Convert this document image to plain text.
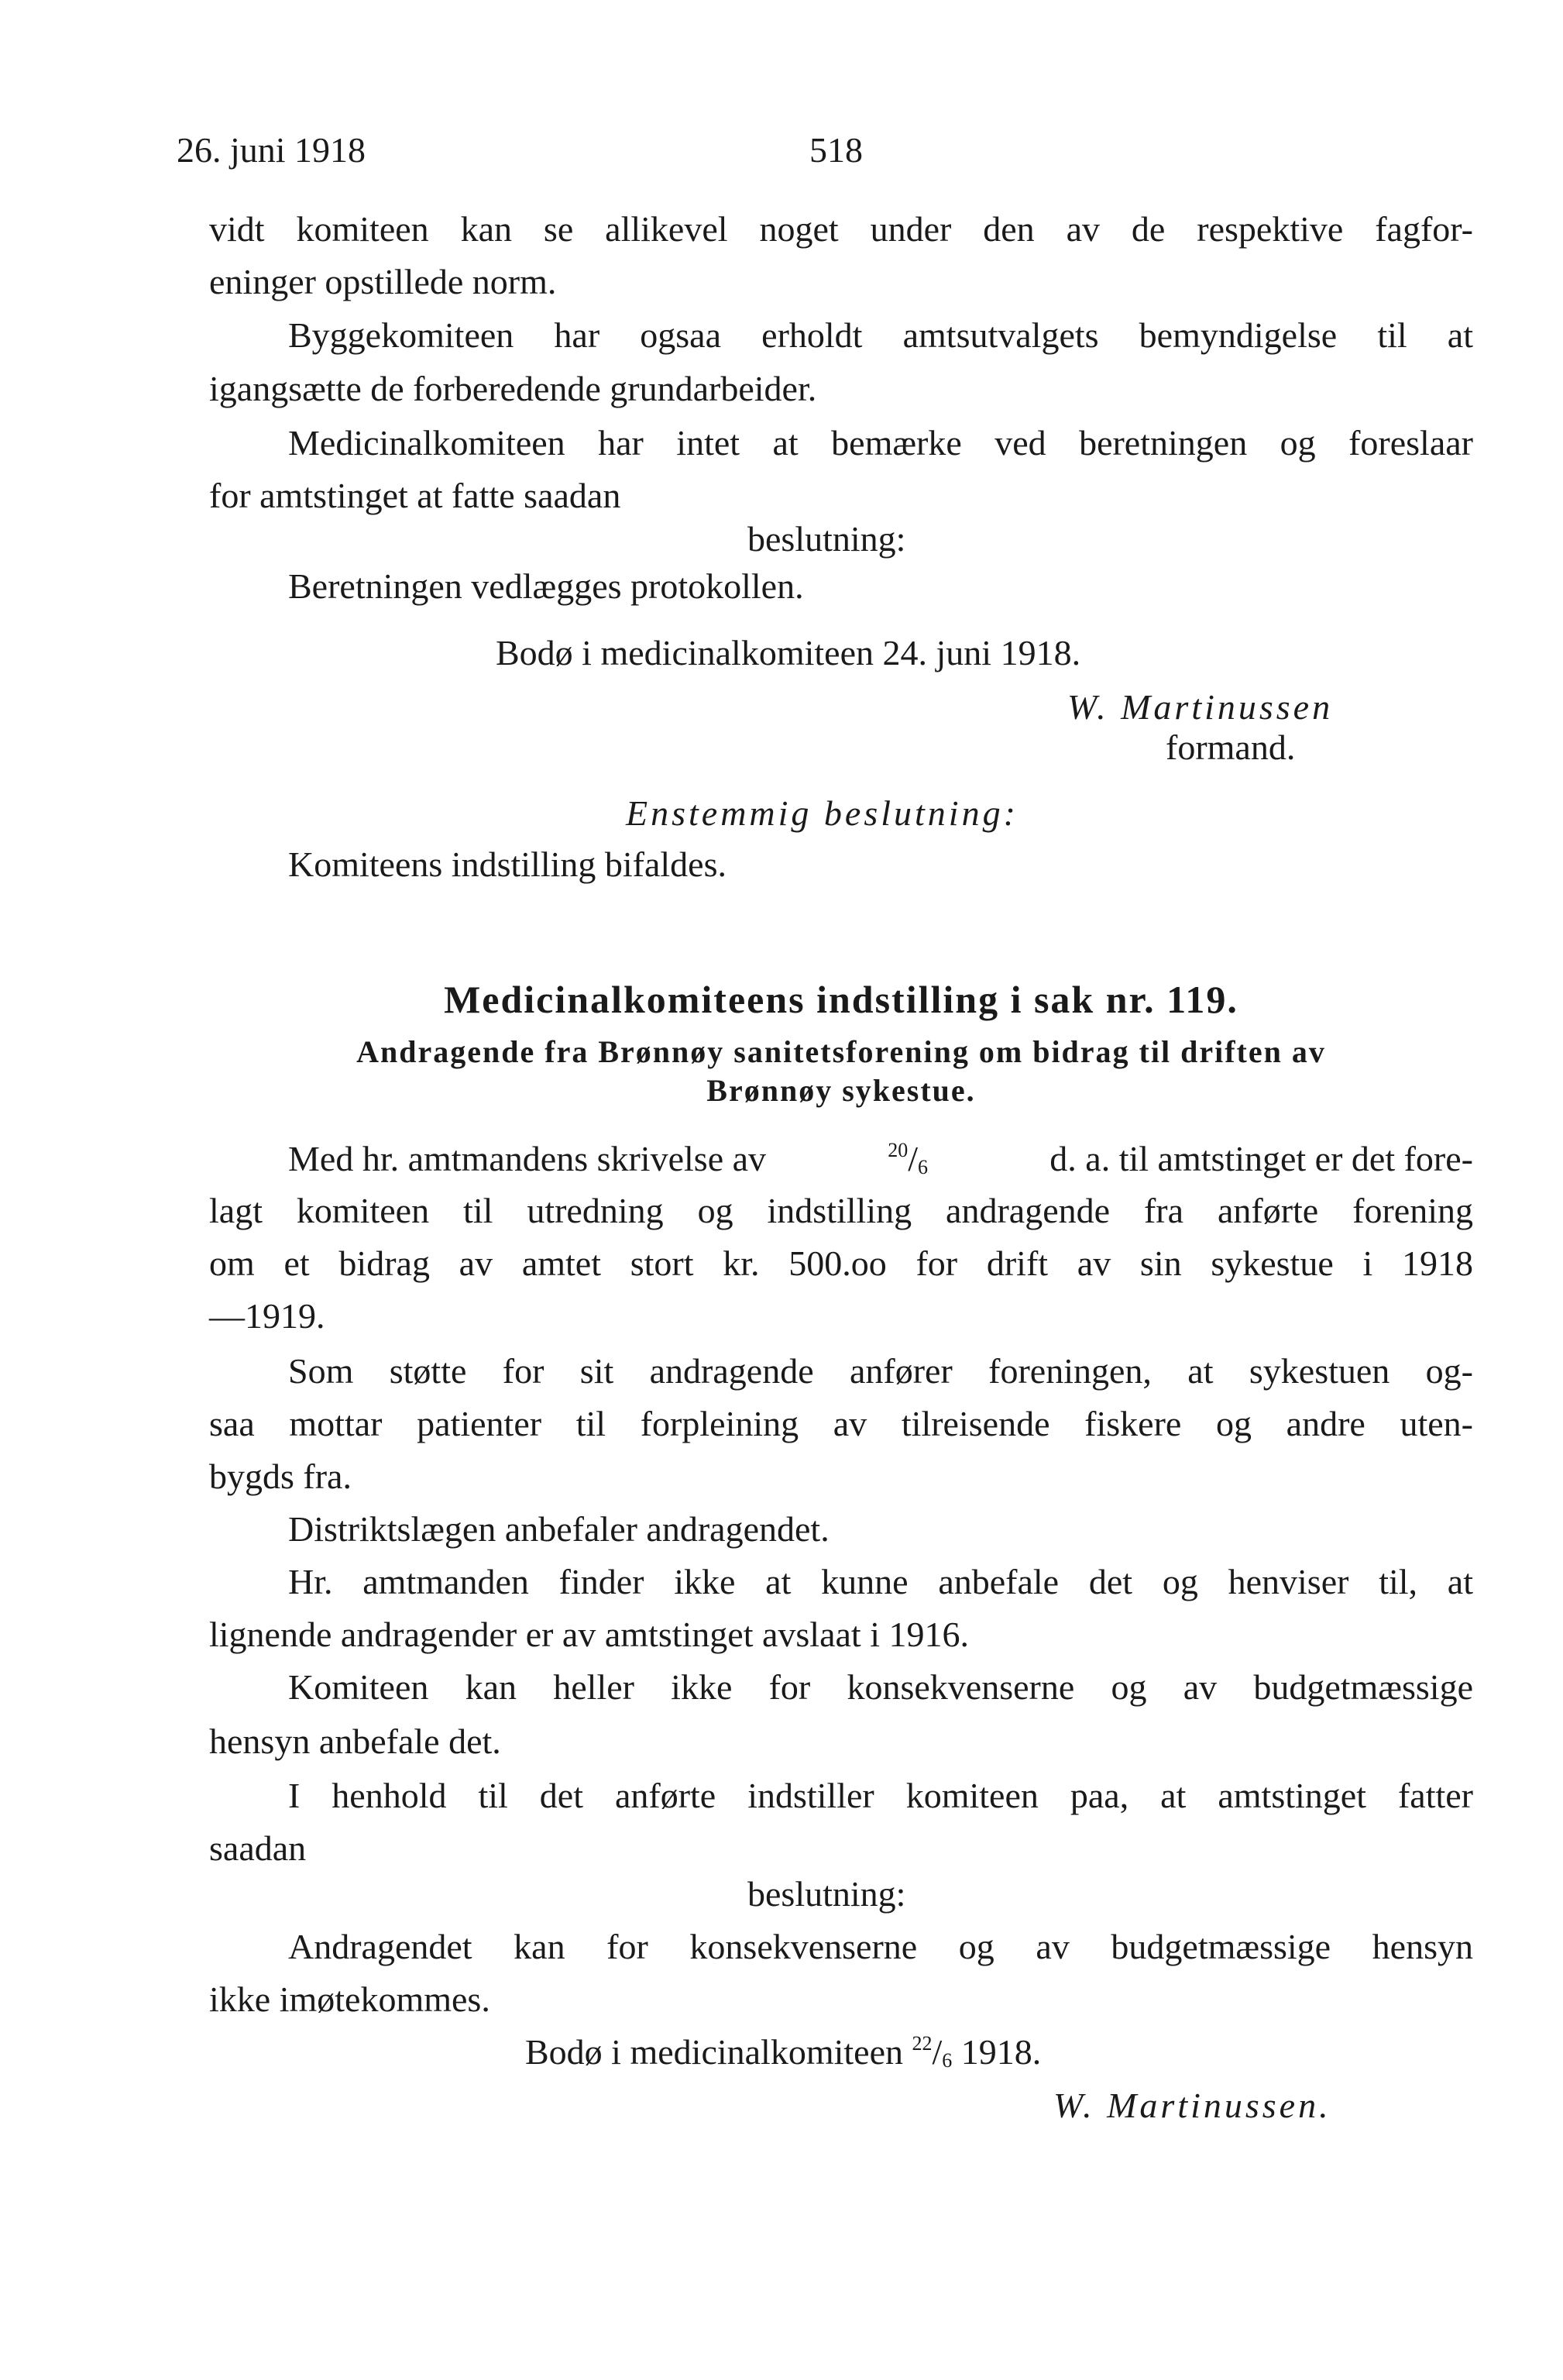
26. juni 1918	518
vidt komiteen kan se allikevel noget under den av de respektive fagfor-
eninger opstillede norm.
Byggekomiteen har ogsaa erholdt amtsutvalgets bemyndigelse til at
igangsætte de forberedende grundarbeider.
Medicinalkomiteen har intet at bemærke ved beretningen og foreslaar
for amtstinget at fatte saadan
beslutning:
Beretningen vedlægges protokollen.
Bodø i medicinalkomiteen 24. juni 1918.
W. Martinussen
formand.
Enstemmig beslutning:
Komiteens indstilling bifaldes.
Medicinalkomiteens indstilling i sak nr. 119.
Andragende fra Brønnøy sanitetsforening om bidrag til driften av
Brønnøy sykestue.
Med hr. amtmandens skrivelse av	$^{20}/_6$	d. a. til amtstinget er det fore-
lagt komiteen til utredning og indstilling andragende fra anførte forening
om et bidrag av amtet stort kr. 500.oo for drift av sin sykestue i 1918
—1919.
Som støtte for sit andragende anfører foreningen, at sykestuen og-
saa mottar patienter til forpleining av tilreisende fiskere og andre uten-
bygds fra.
Distriktslægen anbefaler andragendet.
Hr. amtmanden finder ikke at kunne anbefale det og henviser til, at
lignende andragender er av amtstinget avslaat i 1916.
Komiteen kan heller ikke for konsekvenserne og av budgetmæssige
hensyn anbefale det.
I henhold til det anførte indstiller komiteen paa, at amtstinget fatter
saadan
beslutning:
Andragendet kan for konsekvenserne og av budgetmæssige hensyn
ikke imøtekommes.
Bodø i medicinalkomiteen $^{22}/_6$ 1918.
W. Martinussen.
